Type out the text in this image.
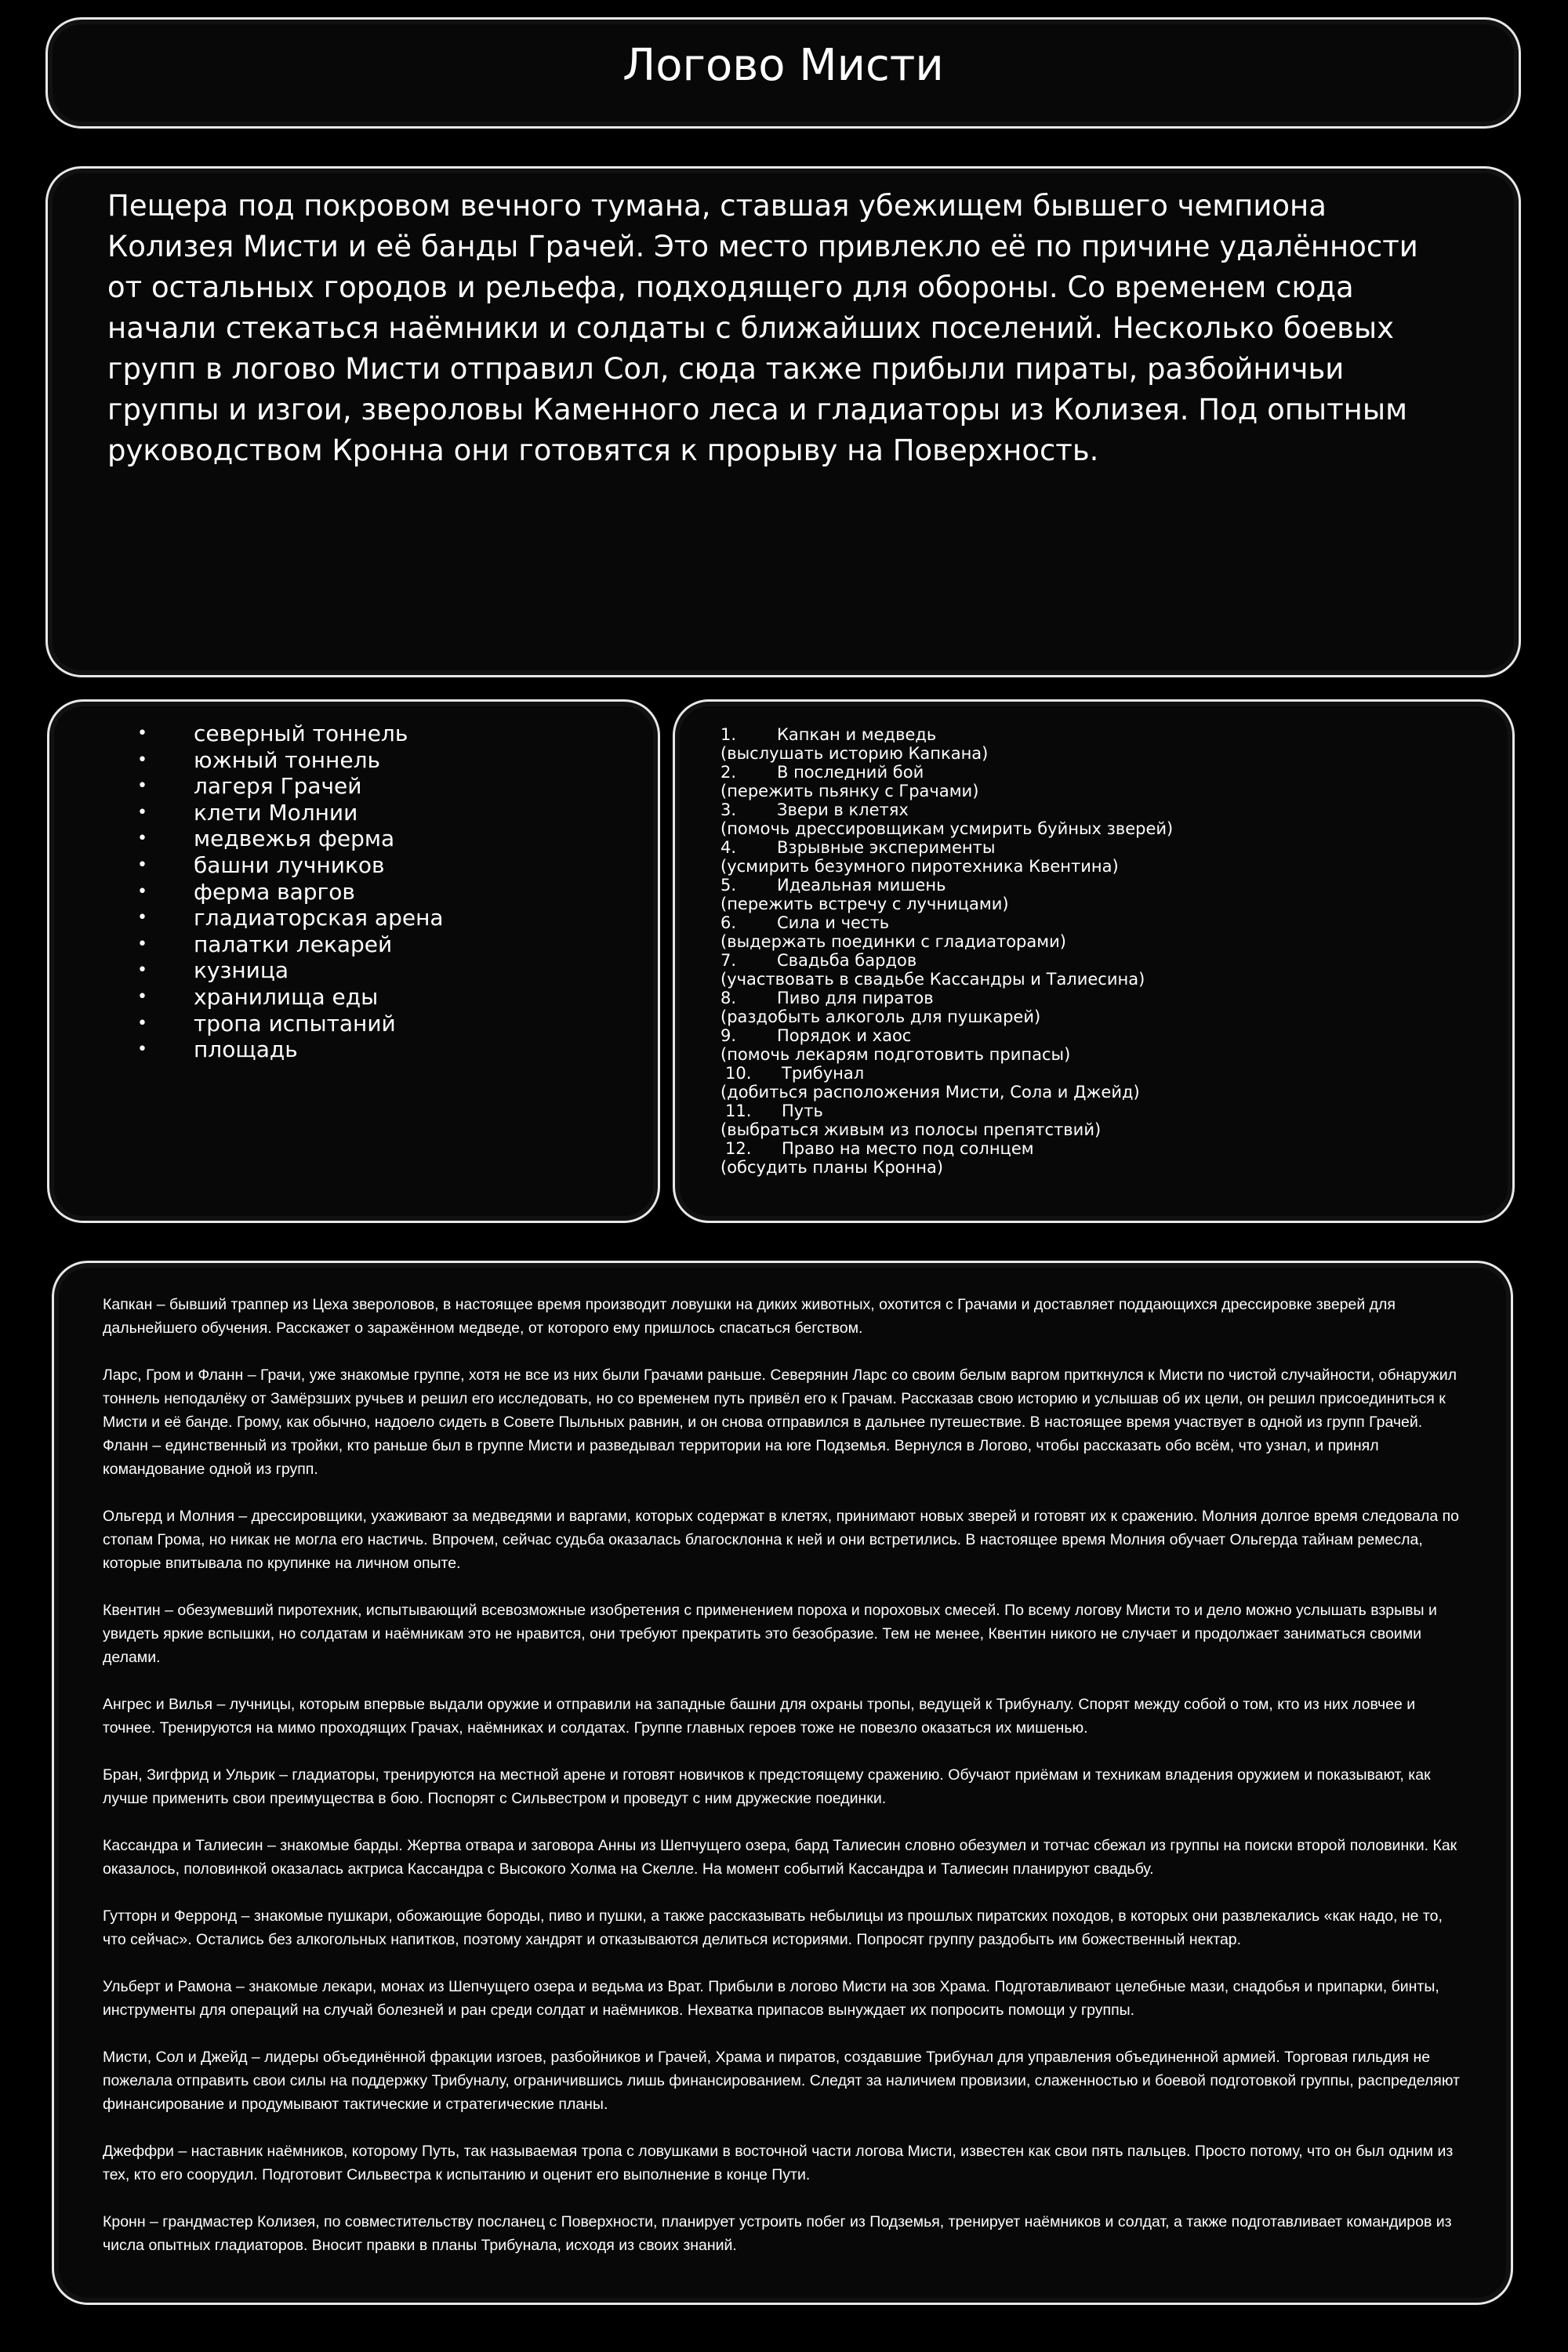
Логово Мисти

Пещера под покровом вечного тумана, ставшая убежищем бывшего чемпиона Колизея Мисти и её банды Грачей. Это место привлекло её по причине удалённости от остальных городов и рельефа, подходящего для обороны. Со временем сюда начали стекаться наёмники и солдаты с ближайших поселений. Несколько боевых групп в логово Мисти отправил Сол, сюда также прибыли пираты, разбойничьи группы и изгои, звероловы Каменного леса и гладиаторы из Колизея. Под опытным руководством Кронна они готовятся к прорыву на Поверхность.

• северный тоннель
• южный тоннель
• лагеря Грачей
• клети Молнии
• медвежья ферма
• башни лучников
• ферма варгов
• гладиаторская арена
• палатки лекарей
• кузница
• хранилища еды
• тропа испытаний
• площадь
1. Капкан и медведь
(выслушать историю Капкана)
2. В последний бой
(пережить пьянку с Грачами)
3. Звери в клетях
(помочь дрессировщикам усмирить буйных зверей)
4. Взрывные эксперименты
(усмирить безумного пиротехника Квентина)
5. Идеальная мишень
(пережить встречу с лучницами)
6. Сила и честь
(выдержать поединки с гладиаторами)
7. Свадьба бардов
(участвовать в свадьбе Кассандры и Талиесина)
8. Пиво для пиратов
(раздобыть алкоголь для пушкарей)
9. Порядок и хаос
(помочь лекарям подготовить припасы)
10. Трибунал
(добиться расположения Мисти, Сола и Джейд)
11. Путь
(выбраться живым из полосы препятствий)
12. Право на место под солнцем
(обсудить планы Кронна)

Капкан – бывший траппер из Цеха звероловов, в настоящее время производит ловушки на диких животных, охотится с Грачами и доставляет поддающихся дрессировке зверей для дальнейшего обучения. Расскажет о заражённом медведе, от которого ему пришлось спасаться бегством.

Ларс, Гром и Фланн – Грачи, уже знакомые группе, хотя не все из них были Грачами раньше. Северянин Ларс со своим белым варгом приткнулся к Мисти по чистой случайности, обнаружил тоннель неподалёку от Замёрзших ручьев и решил его исследовать, но со временем путь привёл его к Грачам. Рассказав свою историю и услышав об их цели, он решил присоединиться к Мисти и её банде. Грому, как обычно, надоело сидеть в Совете Пыльных равнин, и он снова отправился в дальнее путешествие. В настоящее время участвует в одной из групп Грачей. Фланн – единственный из тройки, кто раньше был в группе Мисти и разведывал территории на юге Подземья. Вернулся в Логово, чтобы рассказать обо всём, что узнал, и принял командование одной из групп.

Ольгерд и Молния – дрессировщики, ухаживают за медведями и варгами, которых содержат в клетях, принимают новых зверей и готовят их к сражению. Молния долгое время следовала по стопам Грома, но никак не могла его настичь. Впрочем, сейчас судьба оказалась благосклонна к ней и они встретились. В настоящее время Молния обучает Ольгерда тайнам ремесла, которые впитывала по крупинке на личном опыте.

Квентин – обезумевший пиротехник, испытывающий всевозможные изобретения с применением пороха и пороховых смесей. По всему логову Мисти то и дело можно услышать взрывы и увидеть яркие вспышки, но солдатам и наёмникам это не нравится, они требуют прекратить это безобразие. Тем не менее, Квентин никого не случает и продолжает заниматься своими делами.

Ангрес и Вилья – лучницы, которым впервые выдали оружие и отправили на западные башни для охраны тропы, ведущей к Трибуналу. Спорят между собой о том, кто из них ловчее и точнее. Тренируются на мимо проходящих Грачах, наёмниках и солдатах. Группе главных героев тоже не повезло оказаться их мишенью.

Бран, Зигфрид и Ульрик – гладиаторы, тренируются на местной арене и готовят новичков к предстоящему сражению. Обучают приёмам и техникам владения оружием и показывают, как лучше применить свои преимущества в бою. Поспорят с Сильвестром и проведут с ним дружеские поединки.

Кассандра и Талиесин – знакомые барды. Жертва отвара и заговора Анны из Шепчущего озера, бард Талиесин словно обезумел и тотчас сбежал из группы на поиски второй половинки. Как оказалось, половинкой оказалась актриса Кассандра с Высокого Холма на Скелле. На момент событий Кассандра и Талиесин планируют свадьбу.

Гутторн и Ферронд – знакомые пушкари, обожающие бороды, пиво и пушки, а также рассказывать небылицы из прошлых пиратских походов, в которых они развлекались «как надо, не то, что сейчас». Остались без алкогольных напитков, поэтому хандрят и отказываются делиться историями. Попросят группу раздобыть им божественный нектар.

Ульберт и Рамона – знакомые лекари, монах из Шепчущего озера и ведьма из Врат. Прибыли в логово Мисти на зов Храма. Подготавливают целебные мази, снадобья и припарки, бинты, инструменты для операций на случай болезней и ран среди солдат и наёмников. Нехватка припасов вынуждает их попросить помощи у группы.

Мисти, Сол и Джейд – лидеры объединённой фракции изгоев, разбойников и Грачей, Храма и пиратов, создавшие Трибунал для управления объединенной армией. Торговая гильдия не пожелала отправить свои силы на поддержку Трибуналу, ограничившись лишь финансированием. Следят за наличием провизии, слаженностью и боевой подготовкой группы, распределяют финансирование и продумывают тактические и стратегические планы.

Джеффри – наставник наёмников, которому Путь, так называемая тропа с ловушками в восточной части логова Мисти, известен как свои пять пальцев. Просто потому, что он был одним из тех, кто его соорудил. Подготовит Сильвестра к испытанию и оценит его выполнение в конце Пути.

Кронн – грандмастер Колизея, по совместительству посланец с Поверхности, планирует устроить побег из Подземья, тренирует наёмников и солдат, а также подготавливает командиров из числа опытных гладиаторов. Вносит правки в планы Трибунала, исходя из своих знаний.
